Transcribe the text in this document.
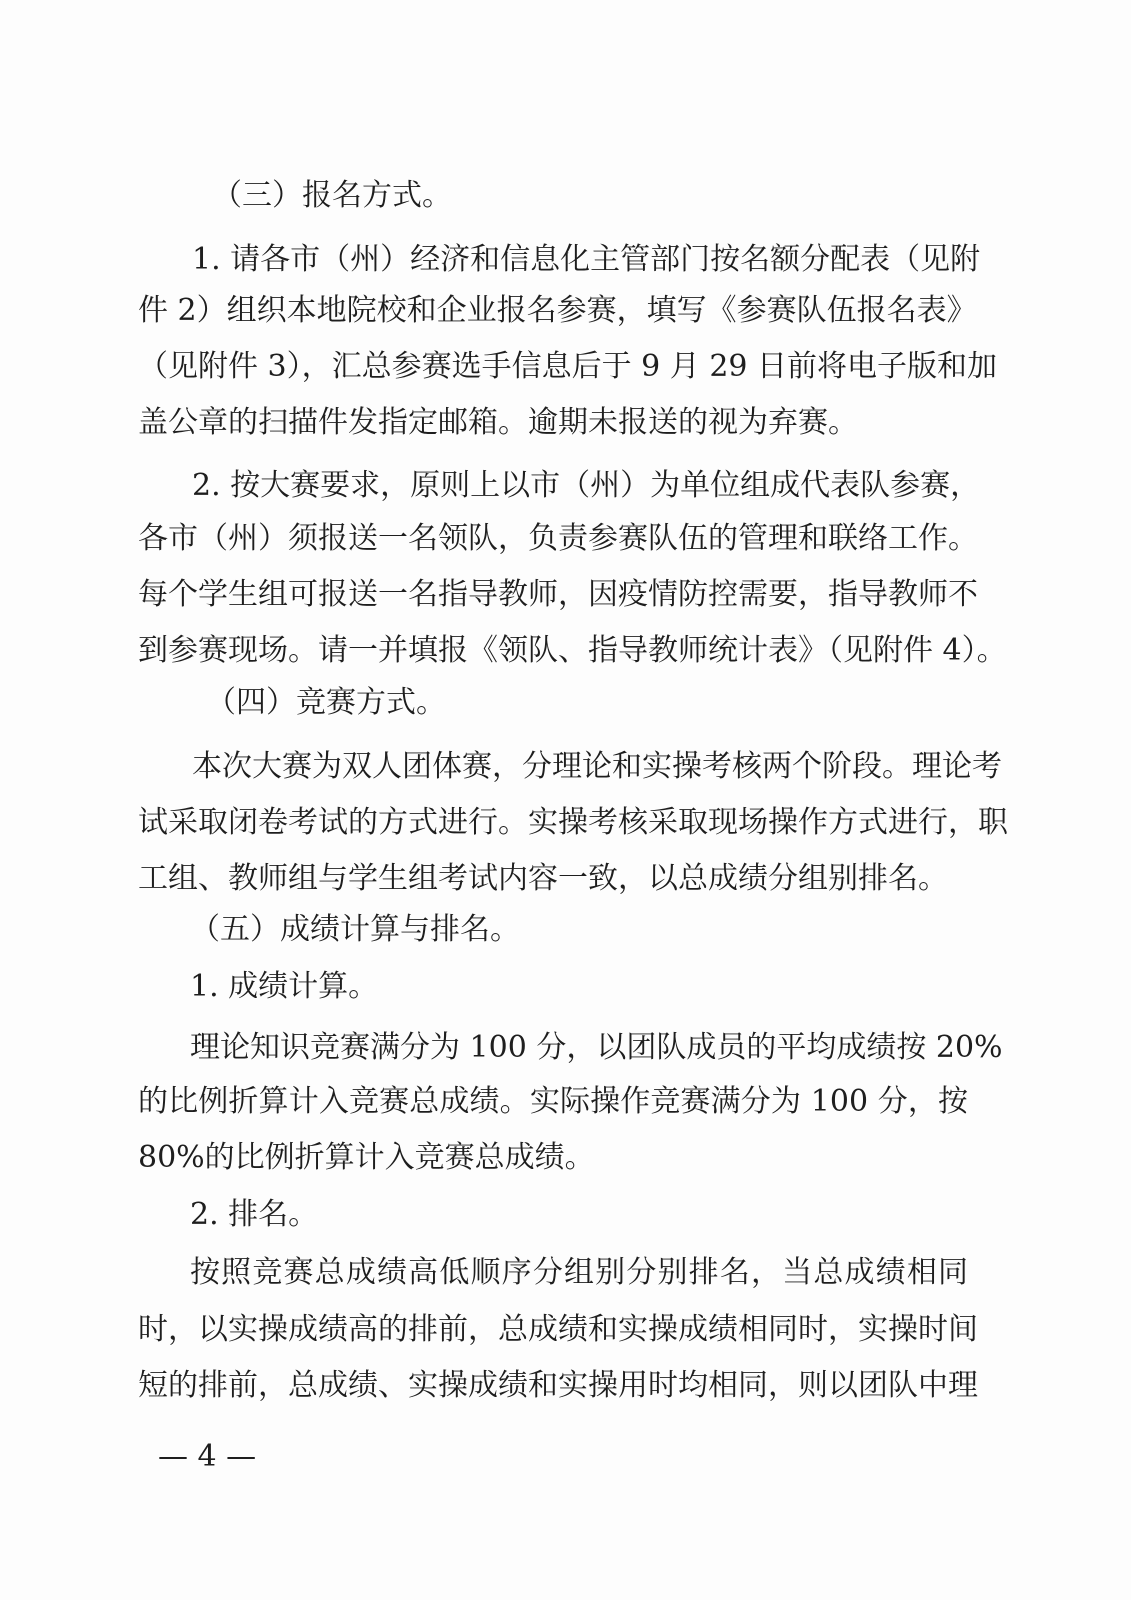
（三）报名方式。
1. 请各市（州）经济和信息化主管部门按名额分配表（见附
件 2）组织本地院校和企业报名参赛，填写《参赛队伍报名表》
（见附件 3），汇总参赛选手信息后于 9 月 29 日前将电子版和加
盖公章的扫描件发指定邮箱。逾期未报送的视为弃赛。
2. 按大赛要求，原则上以市（州）为单位组成代表队参赛，
各市（州）须报送一名领队，负责参赛队伍的管理和联络工作。
每个学生组可报送一名指导教师，因疫情防控需要，指导教师不
到参赛现场。请一并填报《领队、指导教师统计表》（见附件 4）。
（四）竞赛方式。
本次大赛为双人团体赛，分理论和实操考核两个阶段。理论考
试采取闭卷考试的方式进行。实操考核采取现场操作方式进行，职
工组、教师组与学生组考试内容一致，以总成绩分组别排名。
（五）成绩计算与排名。
1. 成绩计算。
理论知识竞赛满分为 100 分，以团队成员的平均成绩按 20%
的比例折算计入竞赛总成绩。实际操作竞赛满分为 100 分，按
80%的比例折算计入竞赛总成绩。
2. 排名。
按照竞赛总成绩高低顺序分组别分别排名，当总成绩相同
时，以实操成绩高的排前，总成绩和实操成绩相同时，实操时间
短的排前，总成绩、实操成绩和实操用时均相同，则以团队中理
— 4 —
